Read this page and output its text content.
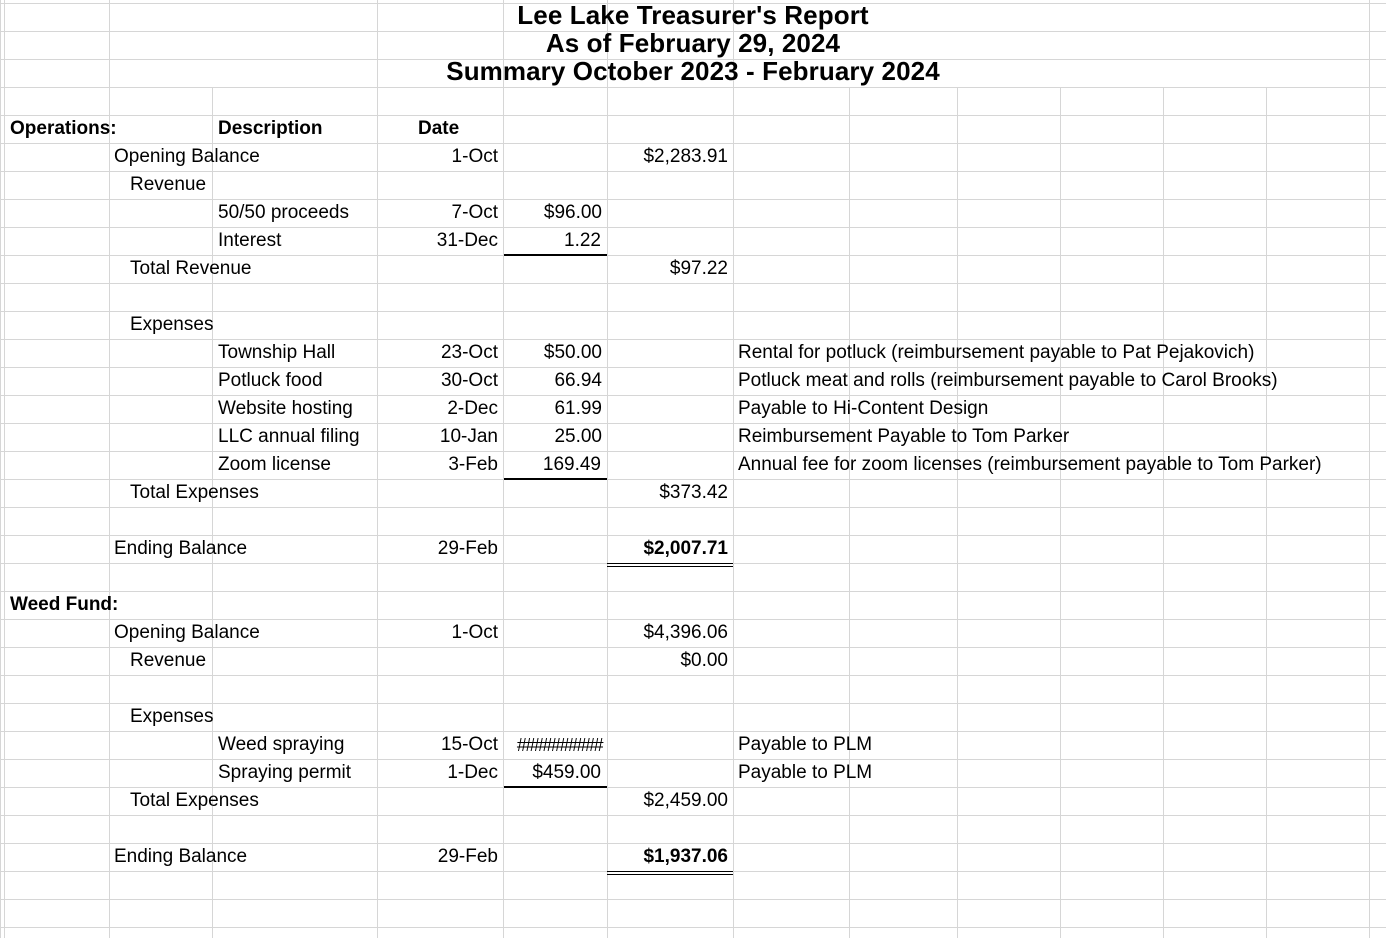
Lee Lake Treasurer's Report
As of February 29, 2024
Summary October 2023 - February 2024
Operations:	Description	Date
Opening Balance	1-Oct	$2,283.91
Revenue
50/50 proceeds	7-Oct	$96.00
Interest	31-Dec	1.22
Total Revenue	$97.22
Expenses
Township Hall	23-Oct	$50.00	Rental for potluck (reimbursement payable to Pat Pejakovich)
Potluck food	30-Oct	66.94	Potluck meat and rolls (reimbursement payable to Carol Brooks)
Website hosting	2-Dec	61.99	Payable to Hi-Content Design
LLC annual filing	10-Jan	25.00	Reimbursement Payable to Tom Parker
Zoom license	3-Feb	169.49	Annual fee for zoom licenses (reimbursement payable to Tom Parker)
Total Expenses	$373.42
Ending Balance	29-Feb	$2,007.71
Weed Fund:
Opening Balance	1-Oct	$4,396.06
Revenue	$0.00
Expenses
Weed spraying	15-Oct	##########	Payable to PLM
Spraying permit	1-Dec	$459.00	Payable to PLM
Total Expenses	$2,459.00
Ending Balance	29-Feb	$1,937.06
